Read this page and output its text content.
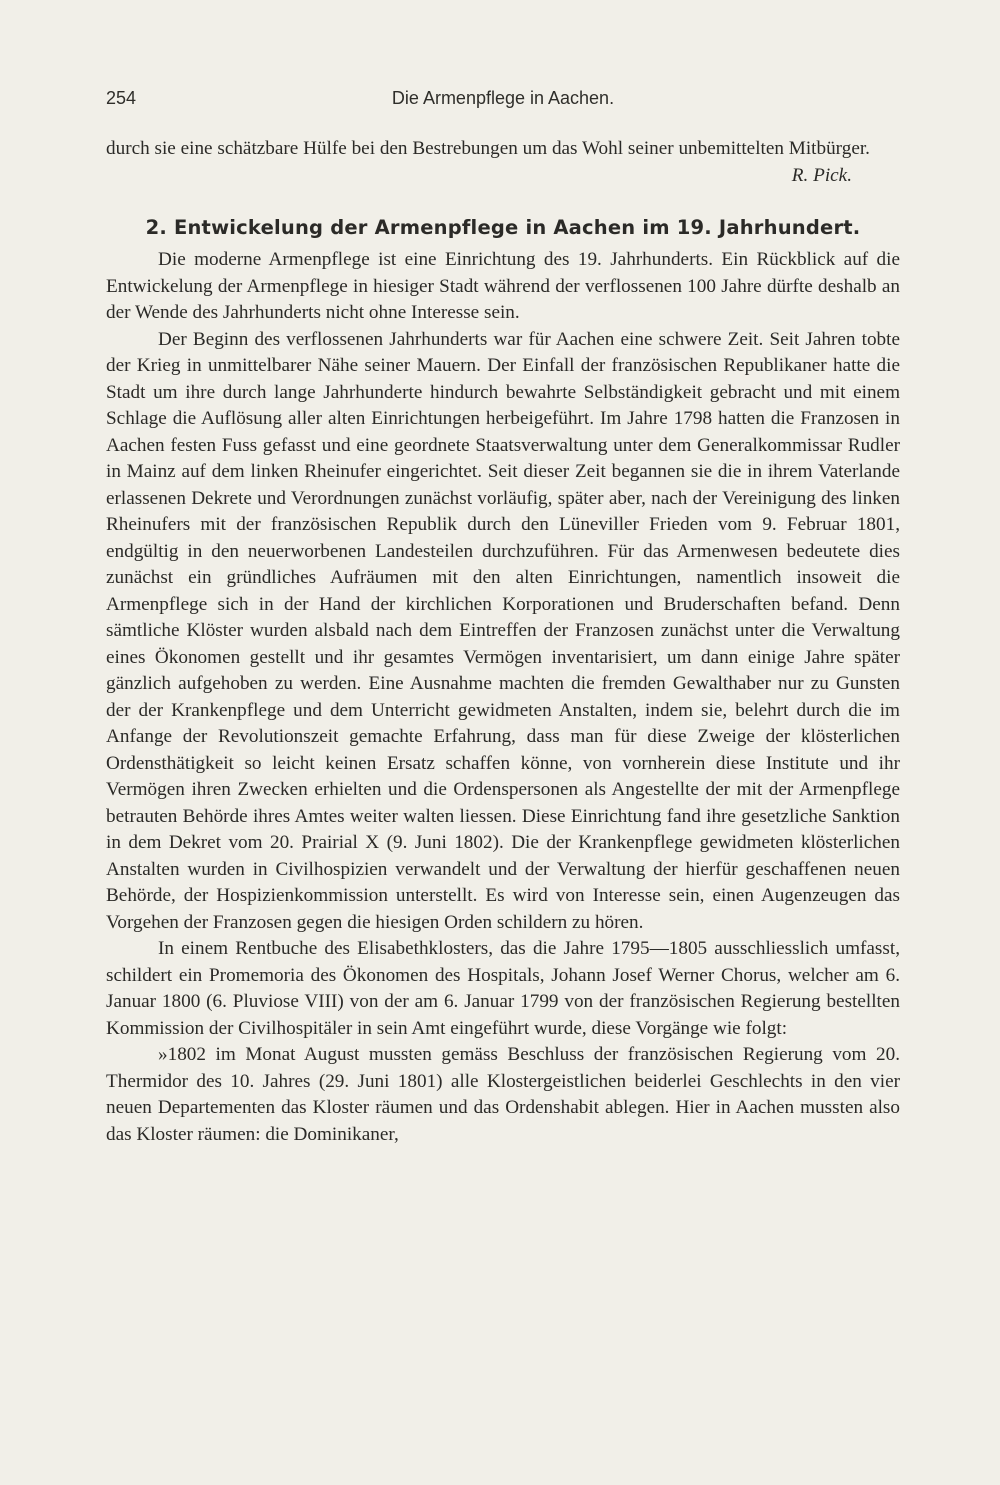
254	Die Armenpflege in Aachen.

durch sie eine schätzbare Hülfe bei den Bestrebungen um das Wohl seiner unbemittelten Mitbürger.

R. Pick.

2. Entwickelung der Armenpflege in Aachen im 19. Jahrhundert.

Die moderne Armenpflege ist eine Einrichtung des 19. Jahrhunderts. Ein Rückblick auf die Entwickelung der Armenpflege in hiesiger Stadt während der verflossenen 100 Jahre dürfte deshalb an der Wende des Jahrhunderts nicht ohne Interesse sein.

Der Beginn des verflossenen Jahrhunderts war für Aachen eine schwere Zeit. Seit Jahren tobte der Krieg in unmittelbarer Nähe seiner Mauern. Der Einfall der französischen Republikaner hatte die Stadt um ihre durch lange Jahrhunderte hindurch bewahrte Selbständigkeit gebracht und mit einem Schlage die Auflösung aller alten Einrichtungen herbeigeführt. Im Jahre 1798 hatten die Franzosen in Aachen festen Fuss gefasst und eine geordnete Staatsverwaltung unter dem Generalkommissar Rudler in Mainz auf dem linken Rheinufer eingerichtet. Seit dieser Zeit begannen sie die in ihrem Vaterlande erlassenen Dekrete und Verordnungen zunächst vorläufig, später aber, nach der Vereinigung des linken Rheinufers mit der französischen Republik durch den Lüneviller Frieden vom 9. Februar 1801, endgültig in den neuerworbenen Landesteilen durchzuführen. Für das Armenwesen bedeutete dies zunächst ein gründliches Aufräumen mit den alten Einrichtungen, namentlich insoweit die Armenpflege sich in der Hand der kirchlichen Korporationen und Bruderschaften befand. Denn sämtliche Klöster wurden alsbald nach dem Eintreffen der Franzosen zunächst unter die Verwaltung eines Ökonomen gestellt und ihr gesamtes Vermögen inventarisiert, um dann einige Jahre später gänzlich aufgehoben zu werden. Eine Ausnahme machten die fremden Gewalthaber nur zu Gunsten der der Krankenpflege und dem Unterricht gewidmeten Anstalten, indem sie, belehrt durch die im Anfange der Revolutionszeit gemachte Erfahrung, dass man für diese Zweige der klösterlichen Ordensthätigkeit so leicht keinen Ersatz schaffen könne, von vornherein diese Institute und ihr Vermögen ihren Zwecken erhielten und die Ordenspersonen als Angestellte der mit der Armenpflege betrauten Behörde ihres Amtes weiter walten liessen. Diese Einrichtung fand ihre gesetzliche Sanktion in dem Dekret vom 20. Prairial X (9. Juni 1802). Die der Krankenpflege gewidmeten klösterlichen Anstalten wurden in Civilhospizien verwandelt und der Verwaltung der hierfür geschaffenen neuen Behörde, der Hospizienkommission unterstellt. Es wird von Interesse sein, einen Augenzeugen das Vorgehen der Franzosen gegen die hiesigen Orden schildern zu hören.

In einem Rentbuche des Elisabethklosters, das die Jahre 1795—1805 ausschliesslich umfasst, schildert ein Promemoria des Ökonomen des Hospitals, Johann Josef Werner Chorus, welcher am 6. Januar 1800 (6. Pluviose VIII) von der am 6. Januar 1799 von der französischen Regierung bestellten Kommission der Civilhospitäler in sein Amt eingeführt wurde, diese Vorgänge wie folgt:

»1802 im Monat August mussten gemäss Beschluss der französischen Regierung vom 20. Thermidor des 10. Jahres (29. Juni 1801) alle Klostergeistlichen beiderlei Geschlechts in den vier neuen Departementen das Kloster räumen und das Ordenshabit ablegen. Hier in Aachen mussten also das Kloster räumen: die Dominikaner,
